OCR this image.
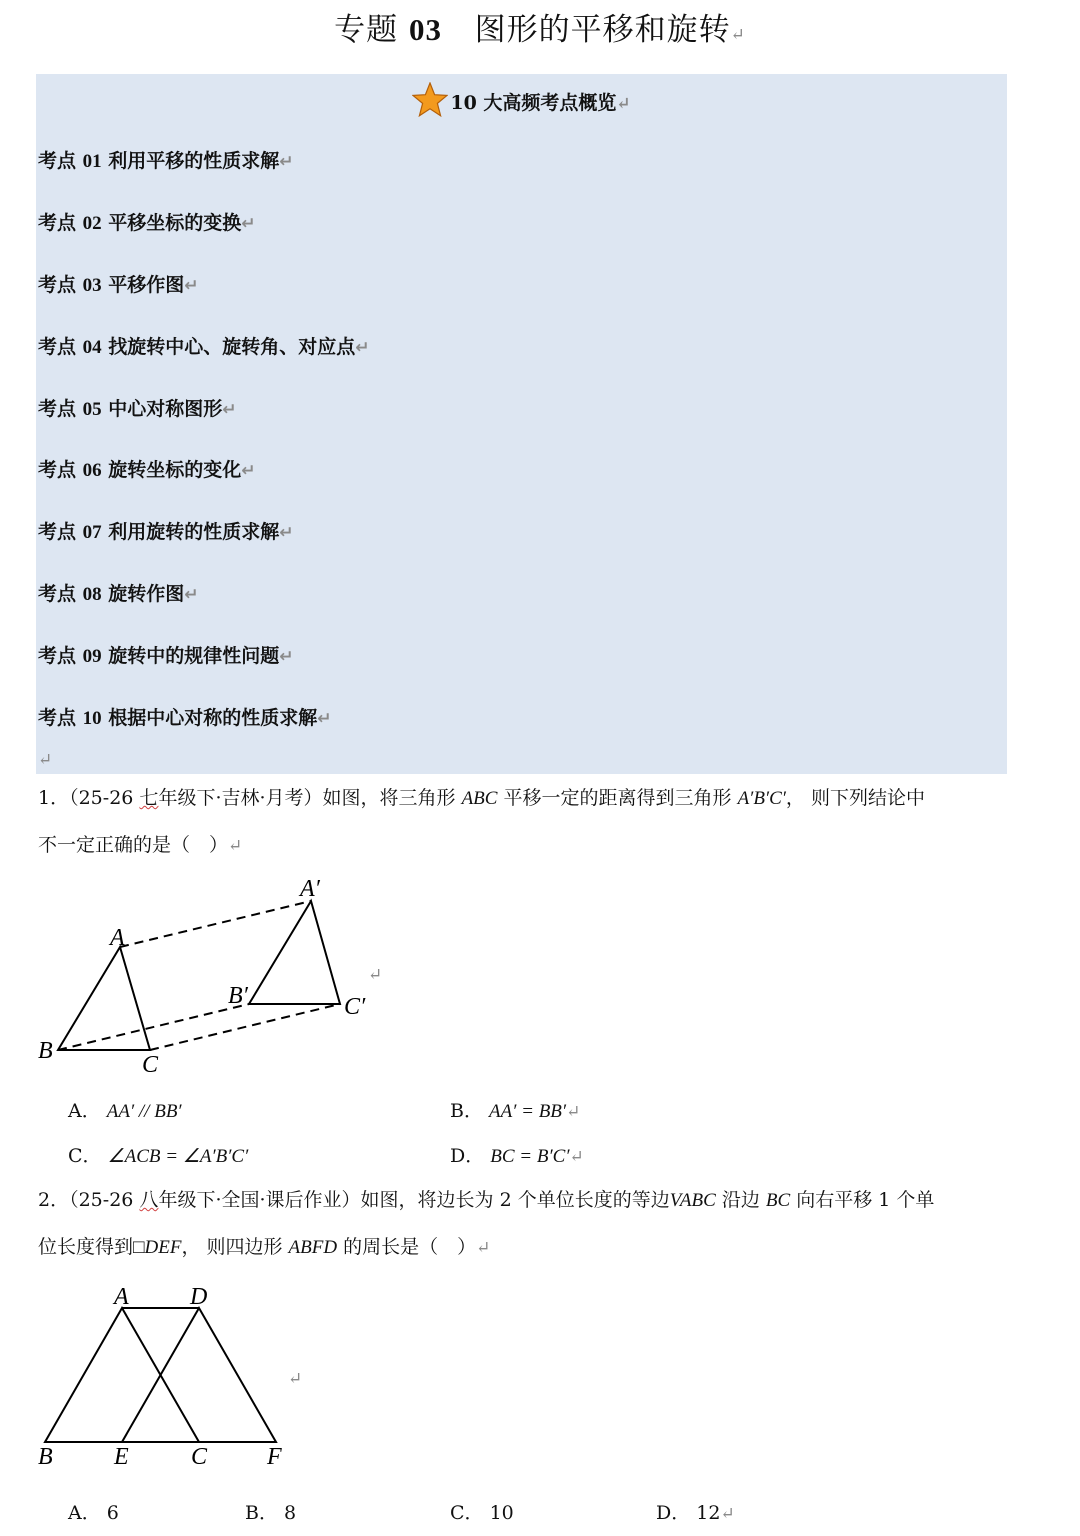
专题 03 图形的平移和旋转↵
10 大高频考点概览↵
考点 01 利用平移的性质求解↵
考点 02 平移坐标的变换↵
考点 03 平移作图↵
考点 04 找旋转中心、旋转角、对应点↵
考点 05 中心对称图形↵
考点 06 旋转坐标的变化↵
考点 07 利用旋转的性质求解↵
考点 08 旋转作图↵
考点 09 旋转中的规律性问题↵
考点 10 根据中心对称的性质求解↵
↵
1．（25-26 七年级下·吉林·月考）如图，将三角形 ABC 平移一定的距离得到三角形 A′B′C′， 则下列结论中
不一定正确的是（　）↵
A
B
C
A′
B′	C′
↵
A． AA′ // BB′	B． AA′ = BB′↵
C． ∠ACB = ∠A′B′C′	D． BC = B′C′↵
2．（25-26 八年级下·全国·课后作业）如图，将边长为 2 个单位长度的等边VABC 沿边 BC 向右平移 1 个单
位长度得到□DEF， 则四边形 ABFD 的周长是（　）↵
A	D
B	E	C F
↵
A． 6	B． 8	C． 10	D． 12↵
